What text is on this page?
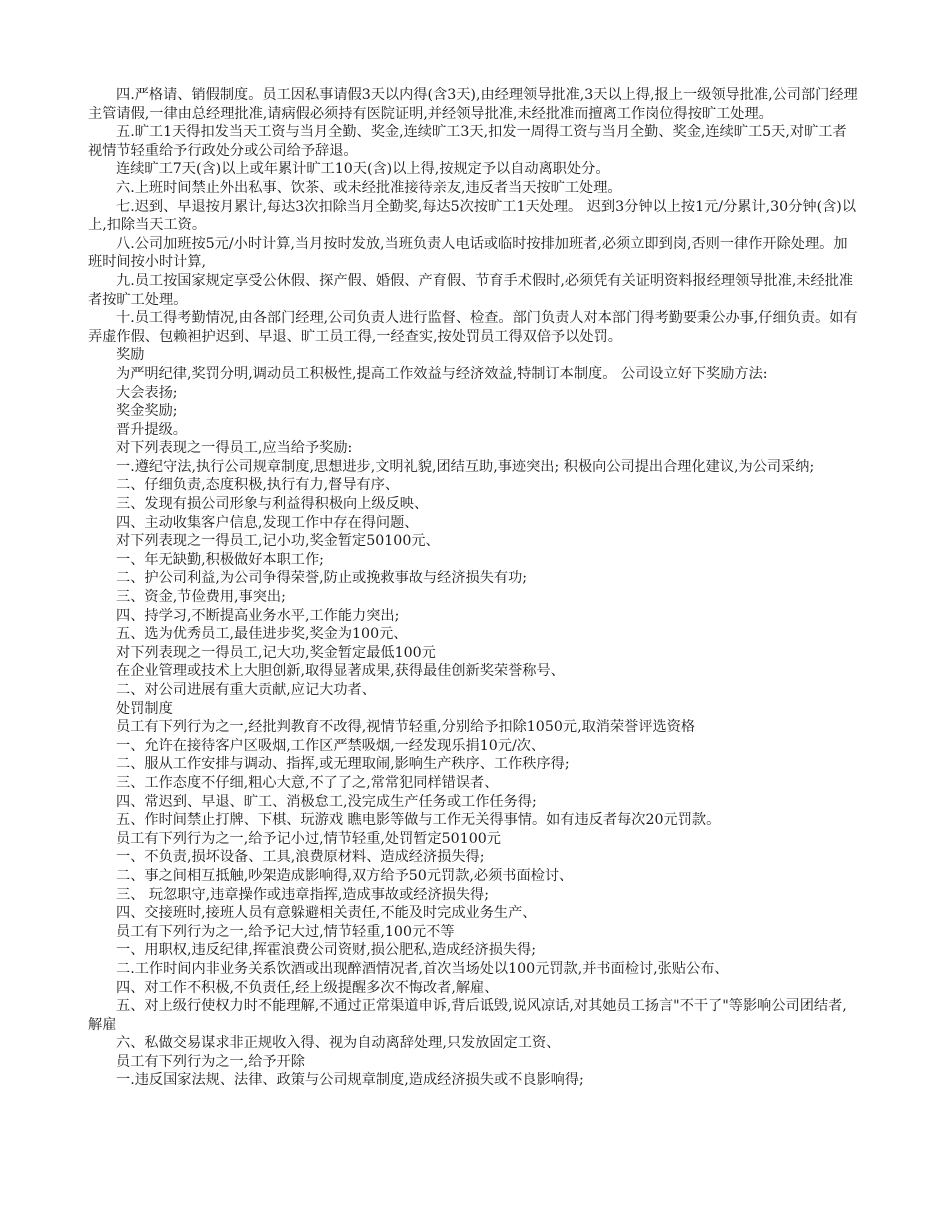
四.严格请、销假制度。员工因私事请假3天以内得(含3天),由经理领导批准,3天以上得,报上一级领导批准,公司部门经理主管请假,一律由总经理批准,请病假必须持有医院证明,并经领导批准,未经批准而擅离工作岗位得按旷工处理。

五.旷工1天得扣发当天工资与当月全勤、奖金,连续旷工3天,扣发一周得工资与当月全勤、奖金,连续旷工5天,对旷工者视情节轻重给予行政处分或公司给予辞退。

连续旷工7天(含)以上或年累计旷工10天(含)以上得,按规定予以自动离职处分。

六.上班时间禁止外出私事、饮茶、或未经批准接待亲友,违反者当天按旷工处理。

七.迟到、早退按月累计,每达3次扣除当月全勤奖,每达5次按旷工1天处理。 迟到3分钟以上按1元/分累计,30分钟(含)以上,扣除当天工资。

八.公司加班按5元/小时计算,当月按时发放,当班负责人电话或临时按排加班者,必须立即到岗,否则一律作开除处理。加班时间按小时计算,

九.员工按国家规定享受公休假、探产假、婚假、产育假、节育手术假时,必须凭有关证明资料报经理领导批准,未经批准者按旷工处理。

十.员工得考勤情况,由各部门经理,公司负责人进行监督、检查。部门负责人对本部门得考勤要秉公办事,仔细负责。如有弄虚作假、包赖袒护迟到、早退、旷工员工得,一经查实,按处罚员工得双倍予以处罚。

奖励

为严明纪律,奖罚分明,调动员工积极性,提高工作效益与经济效益,特制订本制度。 公司设立好下奖励方法:

大会表扬;

奖金奖励;

晋升提级。

对下列表现之一得员工,应当给予奖励:

一.遵纪守法,执行公司规章制度,思想进步,文明礼貌,团结互助,事迹突出; 积极向公司提出合理化建议,为公司采纳;

二、仔细负责,态度积极,执行有力,督导有序、

三、发现有损公司形象与利益得积极向上级反映、

四、主动收集客户信息,发现工作中存在得问题、

对下列表现之一得员工,记小功,奖金暂定50100元、

一、年无缺勤,积极做好本职工作;

二、护公司利益,为公司争得荣誉,防止或挽救事故与经济损失有功;

三、资金,节俭费用,事突出;

四、持学习,不断提高业务水平,工作能力突出;

五、选为优秀员工,最佳进步奖,奖金为100元、

对下列表现之一得员工,记大功,奖金暂定最低100元

在企业管理或技术上大胆创新,取得显著成果,获得最佳创新奖荣誉称号、

二、对公司进展有重大贡献,应记大功者、

处罚制度

员工有下列行为之一,经批判教育不改得,视情节轻重,分别给予扣除1050元,取消荣誉评选资格

一、允许在接待客户区吸烟,工作区严禁吸烟,一经发现乐捐10元/次、

二、服从工作安排与调动、指挥,或无理取闹,影响生产秩序、工作秩序得;

三、工作态度不仔细,粗心大意,不了了之,常常犯同样错误者、

四、常迟到、早退、旷工、消极怠工,没完成生产任务或工作任务得;

五、作时间禁止打牌、下棋、玩游戏 瞧电影等做与工作无关得事情。如有违反者每次20元罚款。

员工有下列行为之一,给予记小过,情节轻重,处罚暂定50100元

一、不负责,损坏设备、工具,浪费原材料、造成经济损失得;

二、事之间相互抵触,吵架造成影响得,双方给予50元罚款,必须书面检讨、

三、 玩忽职守,违章操作或违章指挥,造成事故或经济损失得;

四、交接班时,接班人员有意躲避相关责任,不能及时完成业务生产、

员工有下列行为之一,给予记大过,情节轻重,100元不等

一、用职权,违反纪律,挥霍浪费公司资财,损公肥私,造成经济损失得;

二.工作时间内非业务关系饮酒或出现醉酒情况者,首次当场处以100元罚款,并书面检讨,张贴公布、

四、对工作不积极,不负责任,经上级提醒多次不悔改者,解雇、

五、对上级行使权力时不能理解,不通过正常渠道申诉,背后诋毁,说风凉话,对其她员工扬言"不干了"等影响公司团结者,解雇

六、私做交易谋求非正规收入得、视为自动离辞处理,只发放固定工资、

员工有下列行为之一,给予开除

一.违反国家法规、法律、政策与公司规章制度,造成经济损失或不良影响得;
